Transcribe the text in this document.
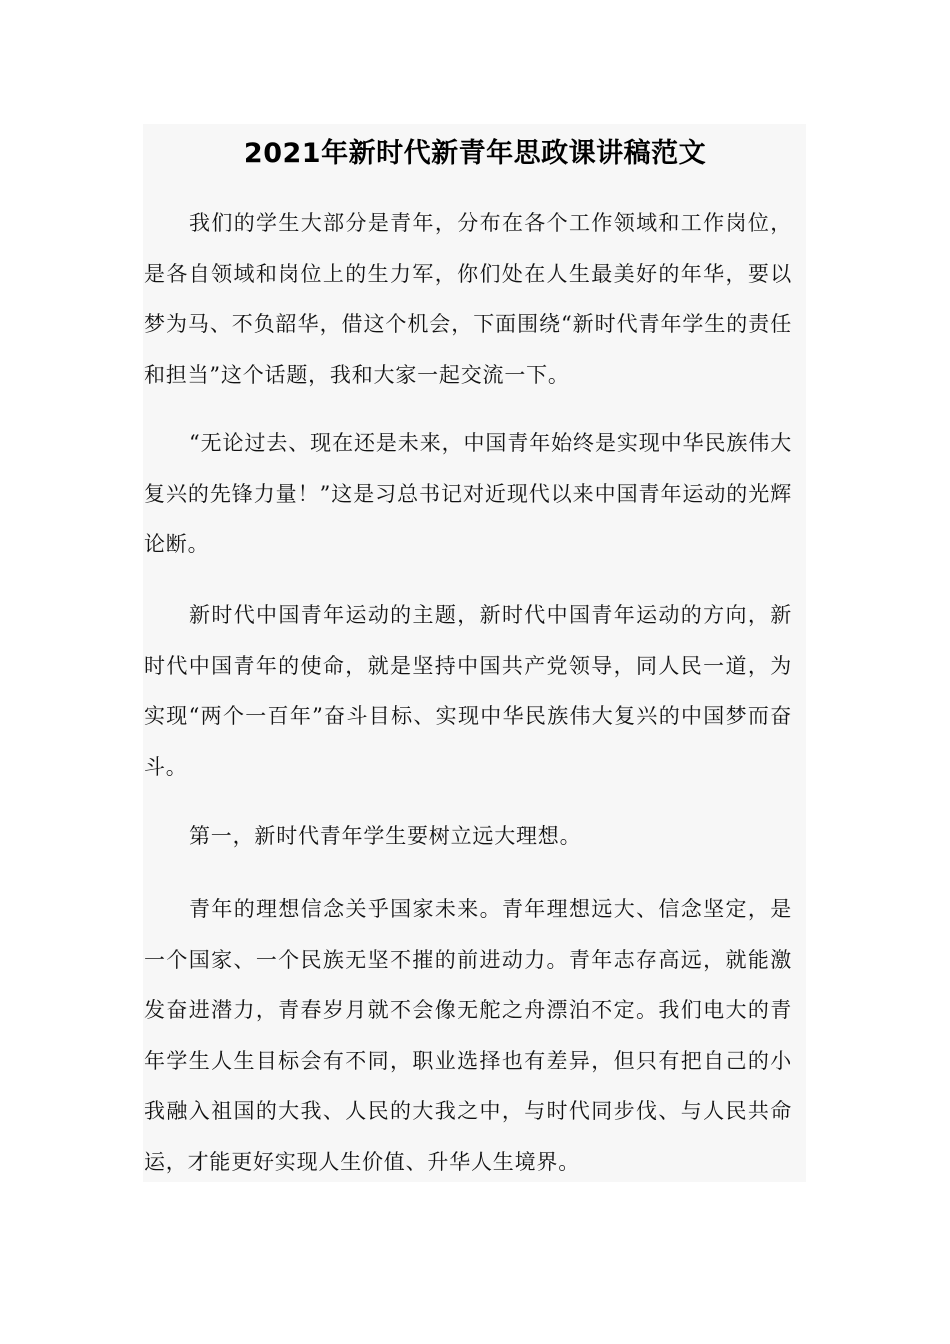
2021年新时代新青年思政课讲稿范文

我们的学生大部分是青年，分布在各个工作领域和工作岗位，是各自领域和岗位上的生力军，你们处在人生最美好的年华，要以梦为马、不负韶华，借这个机会，下面围绕“新时代青年学生的责任和担当”这个话题，我和大家一起交流一下。

“无论过去、现在还是未来，中国青年始终是实现中华民族伟大复兴的先锋力量！”这是习总书记对近现代以来中国青年运动的光辉论断。

新时代中国青年运动的主题，新时代中国青年运动的方向，新时代中国青年的使命，就是坚持中国共产党领导，同人民一道，为实现“两个一百年”奋斗目标、实现中华民族伟大复兴的中国梦而奋斗。

第一，新时代青年学生要树立远大理想。

青年的理想信念关乎国家未来。青年理想远大、信念坚定，是一个国家、一个民族无坚不摧的前进动力。青年志存高远，就能激发奋进潜力，青春岁月就不会像无舵之舟漂泊不定。我们电大的青年学生人生目标会有不同，职业选择也有差异，但只有把自己的小我融入祖国的大我、人民的大我之中，与时代同步伐、与人民共命运，才能更好实现人生价值、升华人生境界。
